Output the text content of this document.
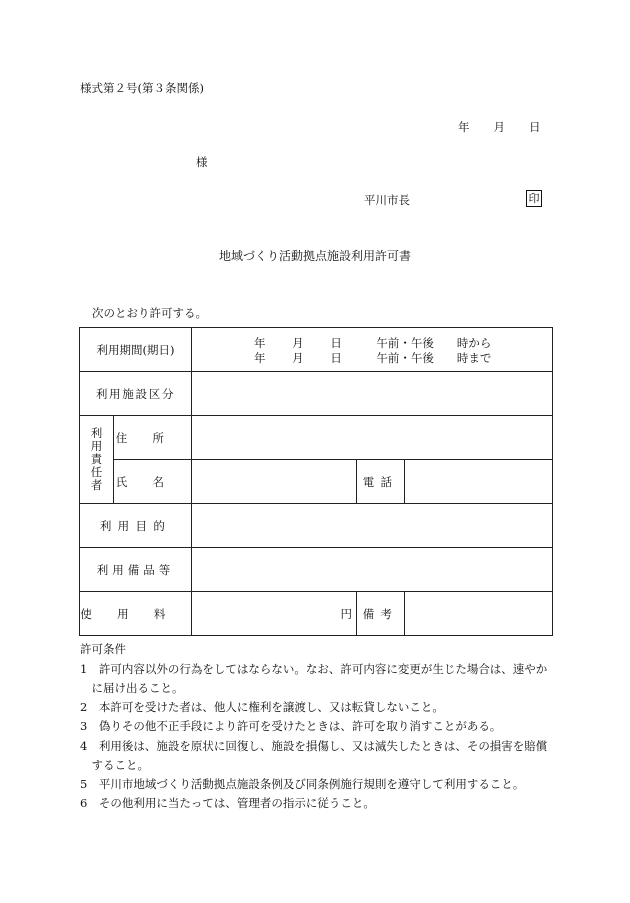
様式第２号(第３条関係)
年 月 日
様
平川市長	印
地域づくり活動拠点施設利用許可書
次のとおり許可する。
利用期間(期日)		年　　 月　　 日　　　午前・午後　　時から
年　　 月　　 日　　　午前・午後　　時まで		

利用施設区分				

利
用
責
任
者	住所			
	氏名		電話	
利用目的				
利用備品等				
使用料		円	備考	
許可条件
1　許可内容以外の行為をしてはならない。なお、許可内容に変更が生じた場合は、速やか
　に届け出ること。
2　本許可を受けた者は、他人に権利を譲渡し、又は転貸しないこと。
3　偽りその他不正手段により許可を受けたときは、許可を取り消すことがある。
4　利用後は、施設を原状に回復し、施設を損傷し、又は滅失したときは、その損害を賠償
　すること。
5　平川市地域づくり活動拠点施設条例及び同条例施行規則を遵守して利用すること。
6　その他利用に当たっては、管理者の指示に従うこと。
